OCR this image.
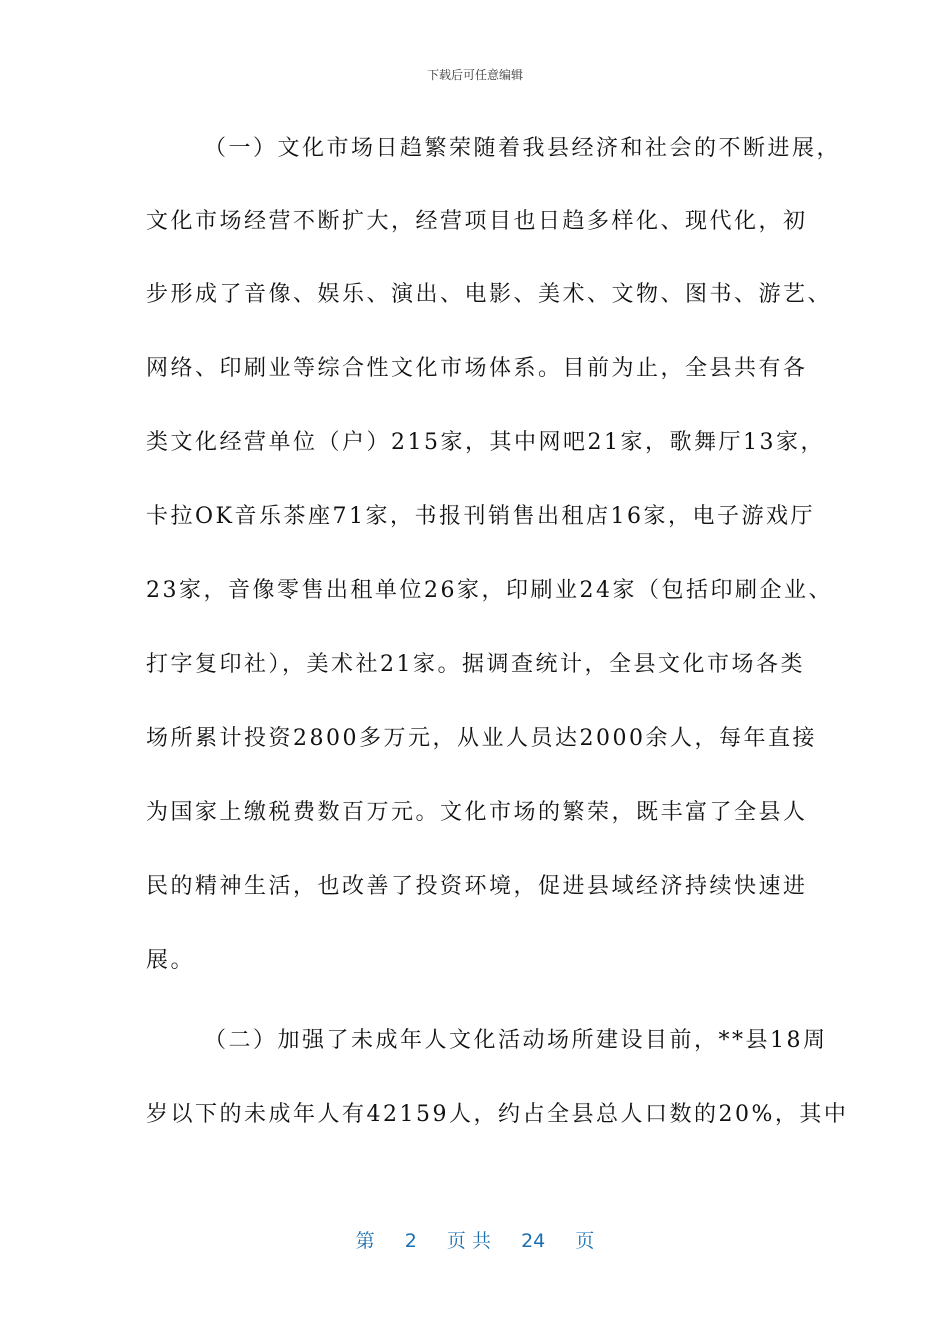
下载后可任意编辑
（一）文化市场日趋繁荣随着我县经济和社会的不断进展，
文化市场经营不断扩大，经营项目也日趋多样化、现代化，初
步形成了音像、娱乐、演出、电影、美术、文物、图书、游艺、
网络、印刷业等综合性文化市场体系。目前为止，全县共有各
类文化经营单位（户）215家，其中网吧21家，歌舞厅13家，
卡拉OK音乐茶座71家，书报刊销售出租店16家，电子游戏厅
23家，音像零售出租单位26家，印刷业24家（包括印刷企业、
打字复印社），美术社21家。据调查统计，全县文化市场各类
场所累计投资2800多万元，从业人员达2000余人，每年直接
为国家上缴税费数百万元。文化市场的繁荣，既丰富了全县人
民的精神生活，也改善了投资环境，促进县域经济持续快速进
展。
（二）加强了未成年人文化活动场所建设目前，**县18周
岁以下的未成年人有42159人，约占全县总人口数的20%，其中
第 2 页 共 24 页
